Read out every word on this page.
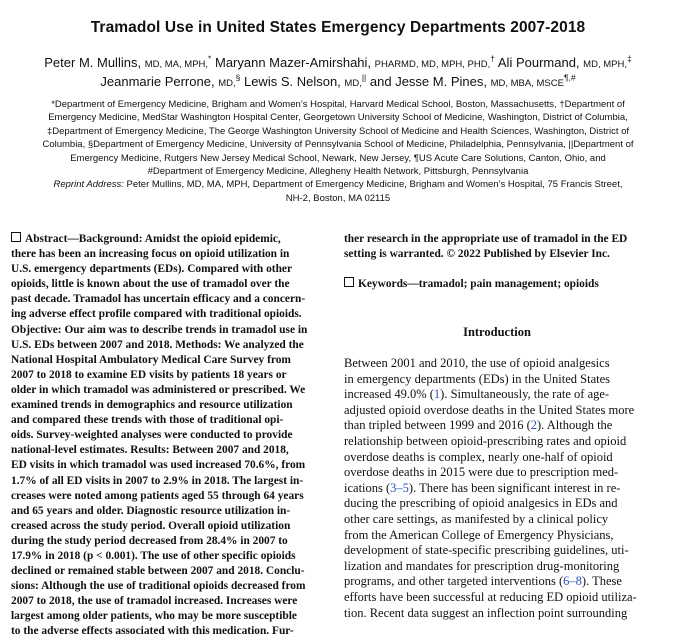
Tramadol Use in United States Emergency Departments 2007-2018
Peter M. Mullins, MD, MA, MPH,* Maryann Mazer-Amirshahi, PHARMD, MD, MPH, PHD,† Ali Pourmand, MD, MPH,‡
Jeanmarie Perrone, MD,§ Lewis S. Nelson, MD,|| and Jesse M. Pines, MD, MBA, MSCE¶,#
*Department of Emergency Medicine, Brigham and Women’s Hospital, Harvard Medical School, Boston, Massachusetts, †Department of
Emergency Medicine, MedStar Washington Hospital Center, Georgetown University School of Medicine, Washington, District of Columbia,
‡Department of Emergency Medicine, The George Washington University School of Medicine and Health Sciences, Washington, District of
Columbia, §Department of Emergency Medicine, University of Pennsylvania School of Medicine, Philadelphia, Pennsylvania, ||Department of
Emergency Medicine, Rutgers New Jersey Medical School, Newark, New Jersey, ¶US Acute Care Solutions, Canton, Ohio, and
#Department of Emergency Medicine, Allegheny Health Network, Pittsburgh, Pennsylvania
Reprint Address: Peter Mullins, MD, MA, MPH, Department of Emergency Medicine, Brigham and Women’s Hospital, 75 Francis Street,
NH-2, Boston, MA 02115
Abstract—Background: Amidst the opioid epidemic,
there has been an increasing focus on opioid utilization in
U.S. emergency departments (EDs). Compared with other
opioids, little is known about the use of tramadol over the
past decade. Tramadol has uncertain efficacy and a concern-
ing adverse effect profile compared with traditional opioids.
Objective: Our aim was to describe trends in tramadol use in
U.S. EDs between 2007 and 2018. Methods: We analyzed the
National Hospital Ambulatory Medical Care Survey from
2007 to 2018 to examine ED visits by patients 18 years or
older in which tramadol was administered or prescribed. We
examined trends in demographics and resource utilization
and compared these trends with those of traditional opi-
oids. Survey-weighted analyses were conducted to provide
national-level estimates. Results: Between 2007 and 2018,
ED visits in which tramadol was used increased 70.6%, from
1.7% of all ED visits in 2007 to 2.9% in 2018. The largest in-
creases were noted among patients aged 55 through 64 years
and 65 years and older. Diagnostic resource utilization in-
creased across the study period. Overall opioid utilization
during the study period decreased from 28.4% in 2007 to
17.9% in 2018 (p < 0.001). The use of other specific opioids
declined or remained stable between 2007 and 2018. Conclu-
sions: Although the use of traditional opioids decreased from
2007 to 2018, the use of tramadol increased. Increases were
largest among older patients, who may be more susceptible
to the adverse effects associated with this medication. Fur-
ther research in the appropriate use of tramadol in the ED
setting is warranted. © 2022 Published by Elsevier Inc.
Keywords—tramadol; pain management; opioids
Introduction
Between 2001 and 2010, the use of opioid analgesics
in emergency departments (EDs) in the United States
increased 49.0% (1). Simultaneously, the rate of age-
adjusted opioid overdose deaths in the United States more
than tripled between 1999 and 2016 (2). Although the
relationship between opioid-prescribing rates and opioid
overdose deaths is complex, nearly one-half of opioid
overdose deaths in 2015 were due to prescription med-
ications (3–5). There has been significant interest in re-
ducing the prescribing of opioid analgesics in EDs and
other care settings, as manifested by a clinical policy
from the American College of Emergency Physicians,
development of state-specific prescribing guidelines, uti-
lization and mandates for prescription drug-monitoring
programs, and other targeted interventions (6–8). These
efforts have been successful at reducing ED opioid utiliza-
tion. Recent data suggest an inflection point surrounding
